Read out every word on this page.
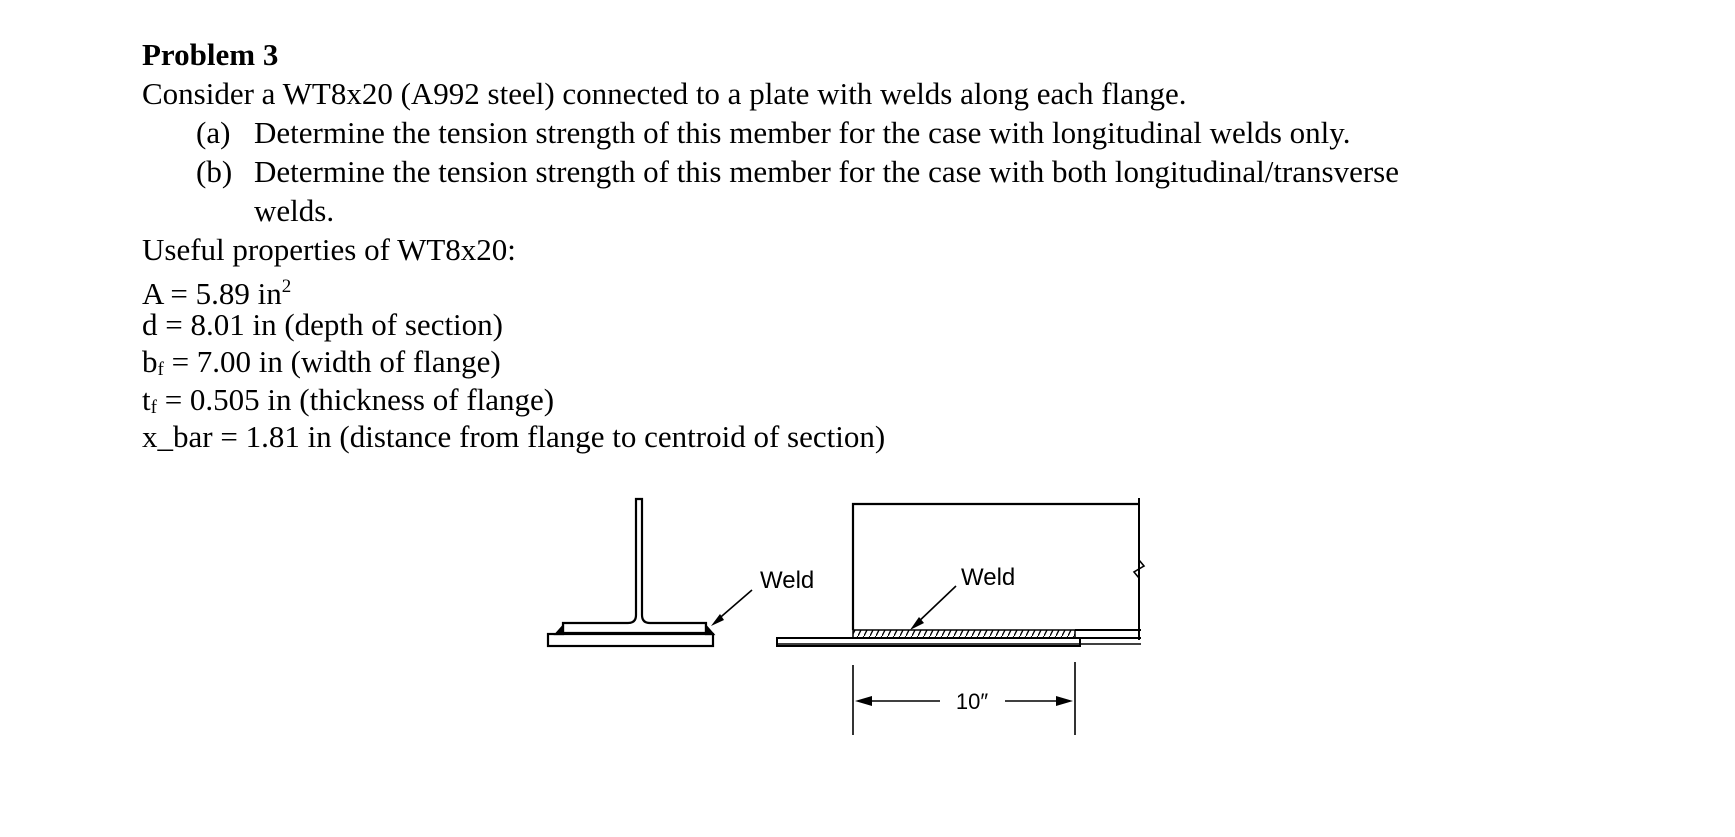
Problem 3
Consider a WT8x20 (A992 steel) connected to a plate with welds along each flange.
(a) Determine the tension strength of this member for the case with longitudinal welds only.
(b) Determine the tension strength of this member for the case with both longitudinal/transverse
welds.
Useful properties of WT8x20:
A = 5.89 $in^2$
d = 8.01 in (depth of section)
$b_f = 7.00$ in (width of flange)
$t_f = 0.505$ in (thickness of flange)
x_bar = 1.81 in (distance from flange to centroid of section)
Weld	Weld
10″
